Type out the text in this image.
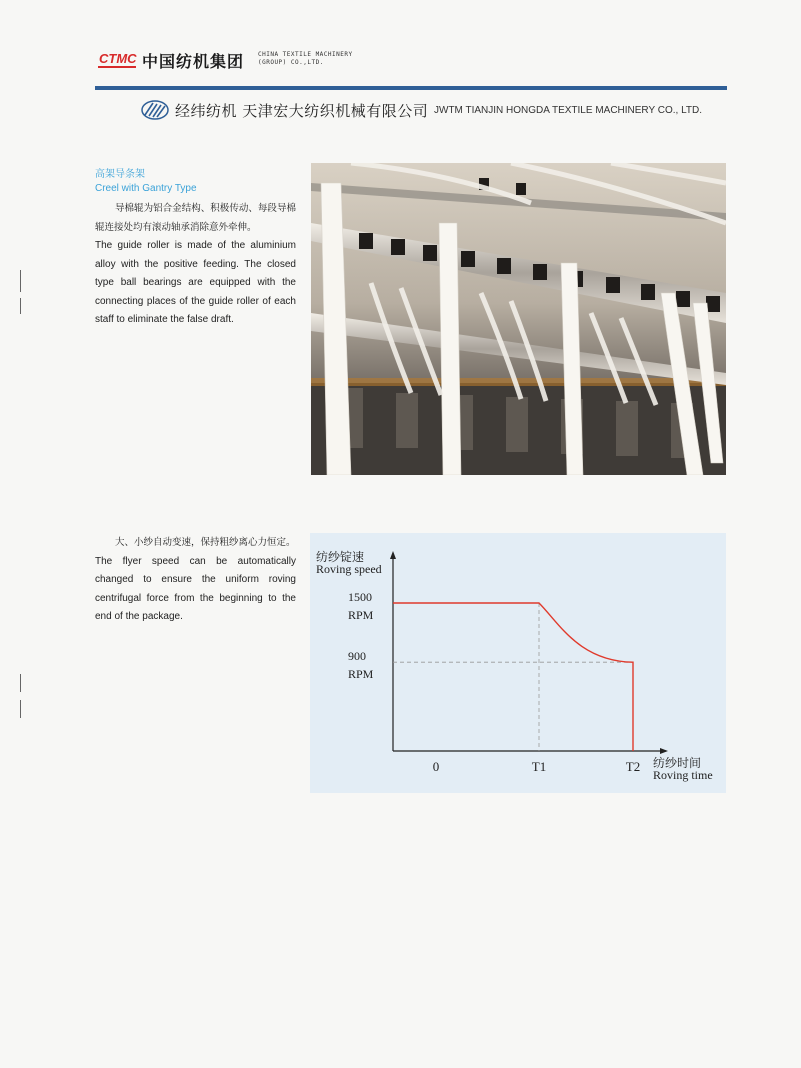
CTMC 中国纺机集团 CHINA TEXTILE MACHINERY
(GROUP) CO.,LTD.
经纬纺机 天津宏大纺织机械有限公司 JWTM TIANJIN HONGDA TEXTILE MACHINERY CO., LTD.
高架导条架
Creel with Gantry Type
导棉辊为铝合金结构、积极传动、每段导棉辊连接处均有滚动轴承消除意外牵伸。
The guide roller is made of the aluminium alloy with the positive feeding. The closed type ball bearings are equipped with the connecting places of the guide roller of each staff to eliminate the false draft.
大、小纱自动变速，保持粗纱离心力恒定。
The flyer speed can be automatically changed to ensure the uniform roving centrifugal force from the beginning to the end of the package.
纺纱锭速
Roving speed
纺纱时间
Roving time
1500
RPM
900
RPM
0	T1	T2
